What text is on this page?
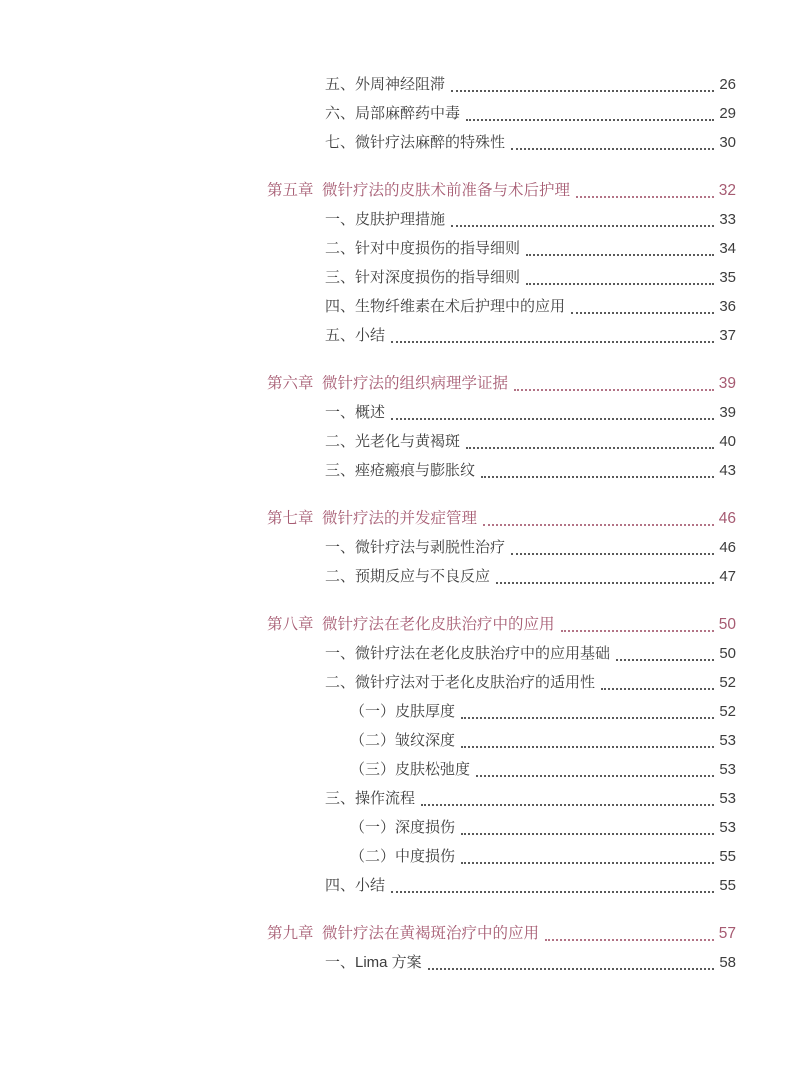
五、外周神经阻滞	26
六、局部麻醉药中毒	29
七、微针疗法麻醉的特殊性	30
第五章 微针疗法的皮肤术前准备与术后护理	32
一、皮肤护理措施	33
二、针对中度损伤的指导细则	34
三、针对深度损伤的指导细则	35
四、生物纤维素在术后护理中的应用	36
五、小结	37
第六章 微针疗法的组织病理学证据	39
一、概述	39
二、光老化与黄褐斑	40
三、痤疮瘢痕与膨胀纹	43
第七章 微针疗法的并发症管理	46
一、微针疗法与剥脱性治疗	46
二、预期反应与不良反应	47
第八章 微针疗法在老化皮肤治疗中的应用	50
一、微针疗法在老化皮肤治疗中的应用基础	50
二、微针疗法对于老化皮肤治疗的适用性	52
（一）皮肤厚度	52
（二）皱纹深度	53
（三）皮肤松弛度	53
三、操作流程	53
（一）深度损伤	53
（二）中度损伤	55
四、小结	55
第九章 微针疗法在黄褐斑治疗中的应用	57
一、Lima 方案	58
